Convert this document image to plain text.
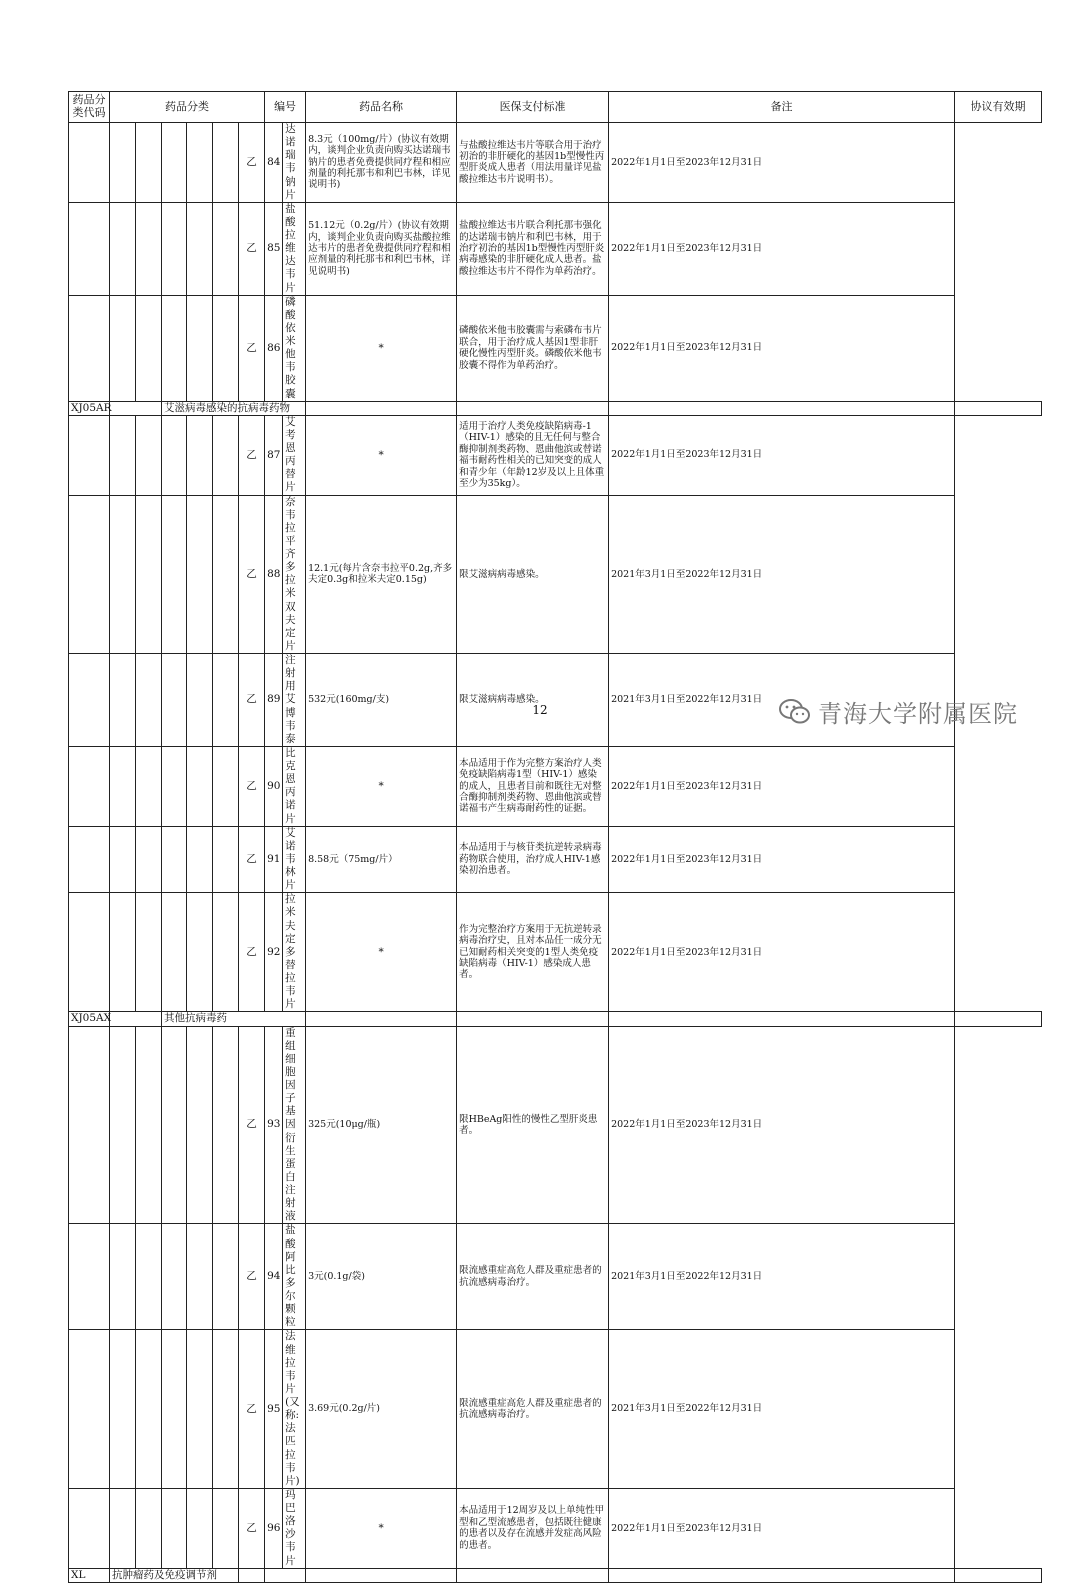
药品分类代码	药品分类						编号		药品名称	医保支付标准	备注	协议有效期
						乙	84	达诺瑞韦钠片	8.3元（100mg/片）(协议有效期内，谈判企业负责向购买达诺瑞韦钠片的患者免费提供同疗程和相应剂量的利托那韦和利巴韦林，详见说明书)	与盐酸拉维达韦片等联合用于治疗初治的非肝硬化的基因1b型慢性丙型肝炎成人患者（用法用量详见盐酸拉维达韦片说明书）。	2022年1月1日至2023年12月31日	
						乙	85	盐酸拉维达韦片	51.12元（0.2g/片）(协议有效期内，谈判企业负责向购买盐酸拉维达韦片的患者免费提供同疗程和相应剂量的利托那韦和利巴韦林，详见说明书)	盐酸拉维达韦片联合利托那韦强化的达诺瑞韦钠片和利巴韦林，用于治疗初治的基因1b型慢性丙型肝炎病毒感染的非肝硬化成人患者。盐酸拉维达韦片不得作为单药治疗。	2022年1月1日至2023年12月31日	
						乙	86	磷酸依米他韦胶囊	*	磷酸依米他韦胶囊需与索磷布韦片联合，用于治疗成人基因1型非肝硬化慢性丙型肝炎。磷酸依米他韦胶囊不得作为单药治疗。	2022年1月1日至2023年12月31日	
XJ05AR			艾滋病毒感染的抗病毒药物									
						乙	87	艾考恩丙替片	*	适用于治疗人类免疫缺陷病毒-1（HIV-1）感染的且无任何与整合酶抑制剂类药物、恩曲他滨或替诺福韦耐药性相关的已知突变的成人和青少年（年龄12岁及以上且体重至少为35kg）。	2022年1月1日至2023年12月31日	
						乙	88	奈韦拉平齐多拉米双夫定片	12.1元(每片含奈韦拉平0.2g,齐多夫定0.3g和拉米夫定0.15g)	限艾滋病病毒感染。	2021年3月1日至2022年12月31日	
						乙	89	注射用艾博韦泰	532元(160mg/支)	限艾滋病病毒感染。	2021年3月1日至2022年12月31日	
						乙	90	比克恩丙诺片	*	本品适用于作为完整方案治疗人类免疫缺陷病毒1型（HIV-1）感染的成人，且患者目前和既往无对整合酶抑制剂类药物、恩曲他滨或替诺福韦产生病毒耐药性的证据。	2022年1月1日至2023年12月31日	
						乙	91	艾诺韦林片	8.58元（75mg/片）	本品适用于与核苷类抗逆转录病毒药物联合使用，治疗成人HIV-1感染初治患者。	2022年1月1日至2023年12月31日	
						乙	92	拉米夫定多替拉韦片	*	作为完整治疗方案用于无抗逆转录病毒治疗史，且对本品任一成分无已知耐药相关突变的1型人类免疫缺陷病毒（HIV-1）感染成人患者。	2022年1月1日至2023年12月31日	
XJ05AX			其他抗病毒药									
						乙	93	重组细胞因子基因衍生蛋白注射液	325元(10μg/瓶)	限HBeAg阳性的慢性乙型肝炎患者。	2022年1月1日至2023年12月31日	
						乙	94	盐酸阿比多尔颗粒	3元(0.1g/袋)	限流感重症高危人群及重症患者的抗流感病毒治疗。	2021年3月1日至2022年12月31日	
						乙	95	法维拉韦片(又称:法匹拉韦片)	3.69元(0.2g/片)	限流感重症高危人群及重症患者的抗流感病毒治疗。	2021年3月1日至2022年12月31日	
						乙	96	玛巴洛沙韦片	*	本品适用于12周岁及以上单纯性甲型和乙型流感患者，包括既往健康的患者以及存在流感并发症高风险的患者。	2022年1月1日至2023年12月31日	
XL	抗肿瘤药及免疫调节剂											
12	青海大学附属医院
